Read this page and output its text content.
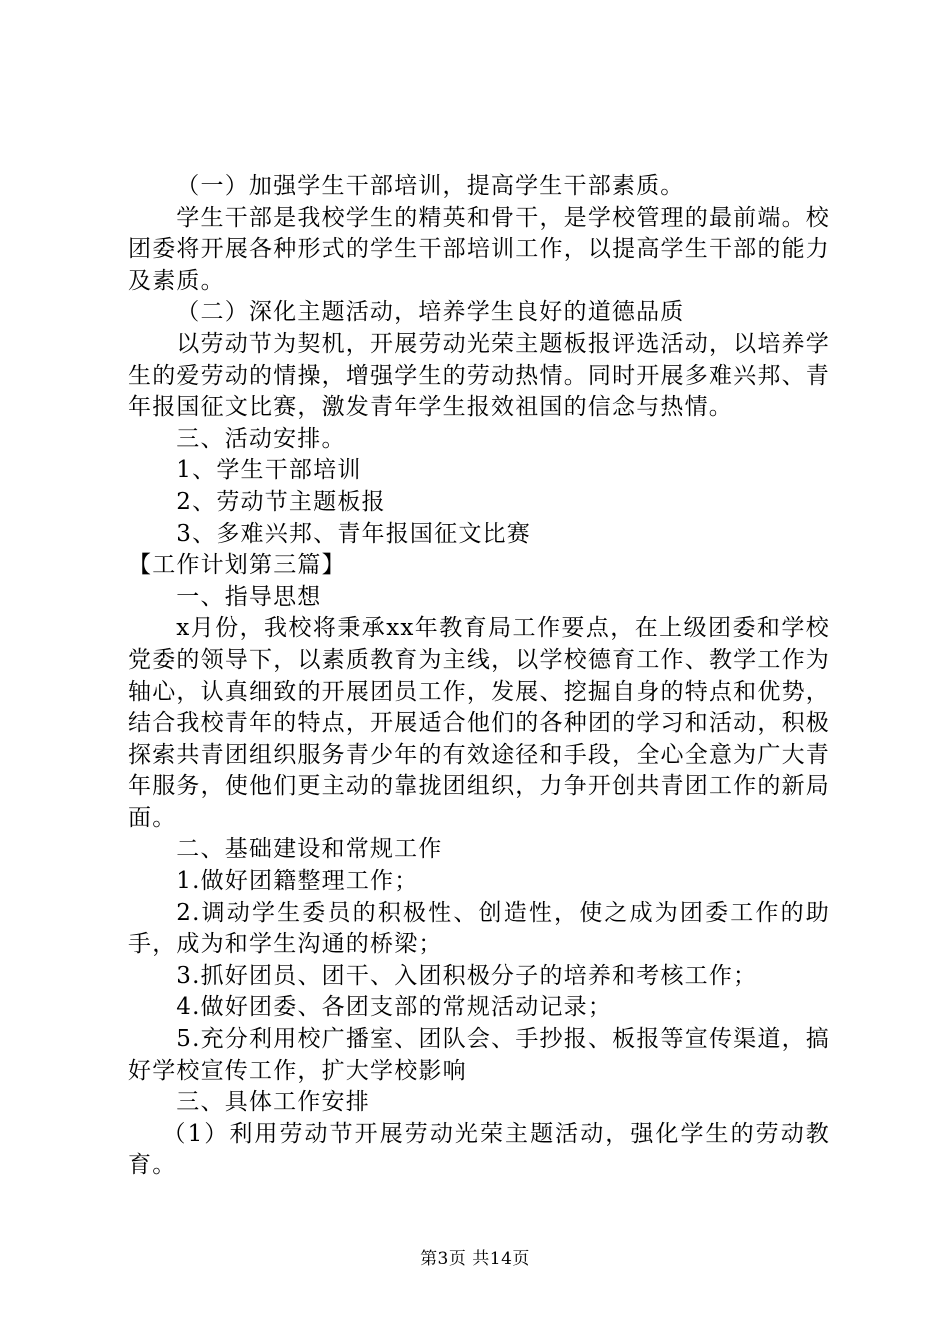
（一）加强学生干部培训，提高学生干部素质。

学生干部是我校学生的精英和骨干，是学校管理的最前端。校团委将开展各种形式的学生干部培训工作，以提高学生干部的能力及素质。

（二）深化主题活动，培养学生良好的道德品质

以劳动节为契机，开展劳动光荣主题板报评选活动，以培养学生的爱劳动的情操，增强学生的劳动热情。同时开展多难兴邦、青年报国征文比赛，激发青年学生报效祖国的信念与热情。

三、活动安排。

1、学生干部培训

2、劳动节主题板报

3、多难兴邦、青年报国征文比赛

【工作计划第三篇】

一、指导思想

x月份，我校将秉承xx年教育局工作要点，在上级团委和学校党委的领导下，以素质教育为主线，以学校德育工作、教学工作为轴心，认真细致的开展团员工作，发展、挖掘自身的特点和优势，结合我校青年的特点，开展适合他们的各种团的学习和活动，积极探索共青团组织服务青少年的有效途径和手段，全心全意为广大青年服务，使他们更主动的靠拢团组织，力争开创共青团工作的新局面。

二、基础建设和常规工作

1.做好团籍整理工作；

2.调动学生委员的积极性、创造性，使之成为团委工作的助手，成为和学生沟通的桥梁；

3.抓好团员、团干、入团积极分子的培养和考核工作；

4.做好团委、各团支部的常规活动记录；

5.充分利用校广播室、团队会、手抄报、板报等宣传渠道，搞好学校宣传工作，扩大学校影响

三、具体工作安排

（1）利用劳动节开展劳动光荣主题活动，强化学生的劳动教育。

第3页 共14页
